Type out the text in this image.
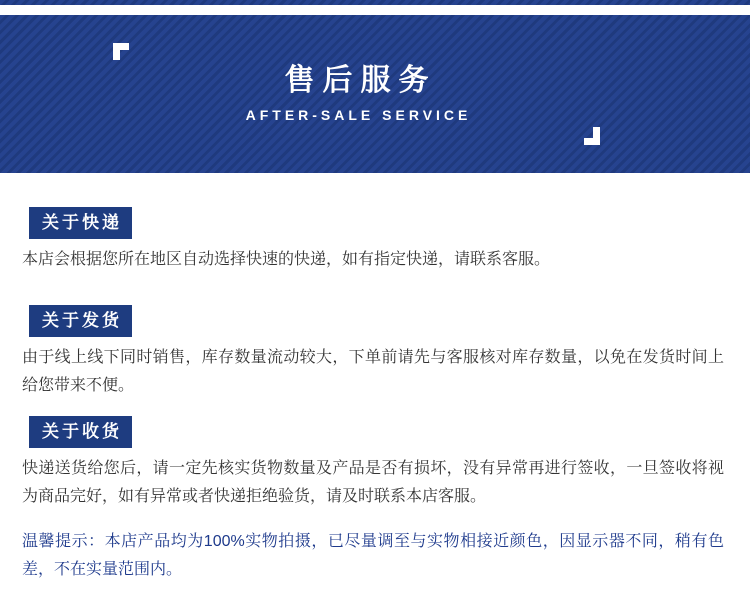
售后服务
AFTER-SALE SERVICE
关于快递

本店会根据您所在地区自动选择快速的快递，如有指定快递，请联系客服。

关于发货

由于线上线下同时销售，库存数量流动较大，下单前请先与客服核对库存数量，以免在发货时间上给您带来不便。

关于收货

快递送货给您后，请一定先核实货物数量及产品是否有损坏，没有异常再进行签收，一旦签收将视为商品完好，如有异常或者快递拒绝验货，请及时联系本店客服。

温馨提示：本店产品均为100%实物拍摄，已尽量调至与实物相接近颜色，因显示器不同，稍有色差，不在实量范围内。
